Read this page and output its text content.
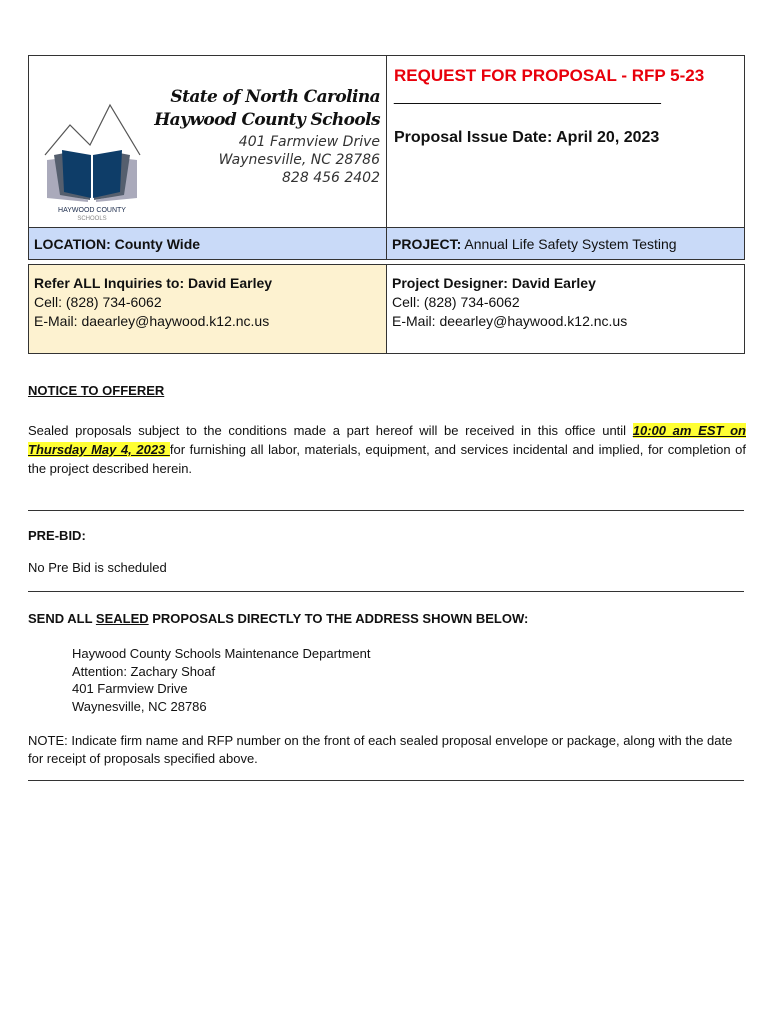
HAYWOOD COUNTY
SCHOOLS
State of North Carolina
Haywood County Schools
401 Farmview Drive
Waynesville, NC 28786
828 456 2402
REQUEST FOR PROPOSAL - RFP 5-23
______________________________
Proposal Issue Date: April 20, 2023
LOCATION: County Wide	PROJECT: Annual Life Safety System Testing
Refer ALL Inquiries to: David Earley
Cell: (828) 734-6062
E-Mail: daearley@haywood.k12.nc.us
Project Designer: David Earley
Cell: (828) 734-6062
E-Mail: deearley@haywood.k12.nc.us
NOTICE TO OFFERER

Sealed proposals subject to the conditions made a part hereof will be received in this office until 10:00 am EST on Thursday May 4, 2023 for furnishing all labor, materials, equipment, and services incidental and implied, for completion of the project described herein.

PRE-BID:
No Pre Bid is scheduled
SEND ALL SEALED PROPOSALS DIRECTLY TO THE ADDRESS SHOWN BELOW:
Haywood County Schools Maintenance Department
Attention: Zachary Shoaf
401 Farmview Drive
Waynesville, NC 28786

NOTE: Indicate firm name and RFP number on the front of each sealed proposal envelope or package, along with the date for receipt of proposals specified above.
